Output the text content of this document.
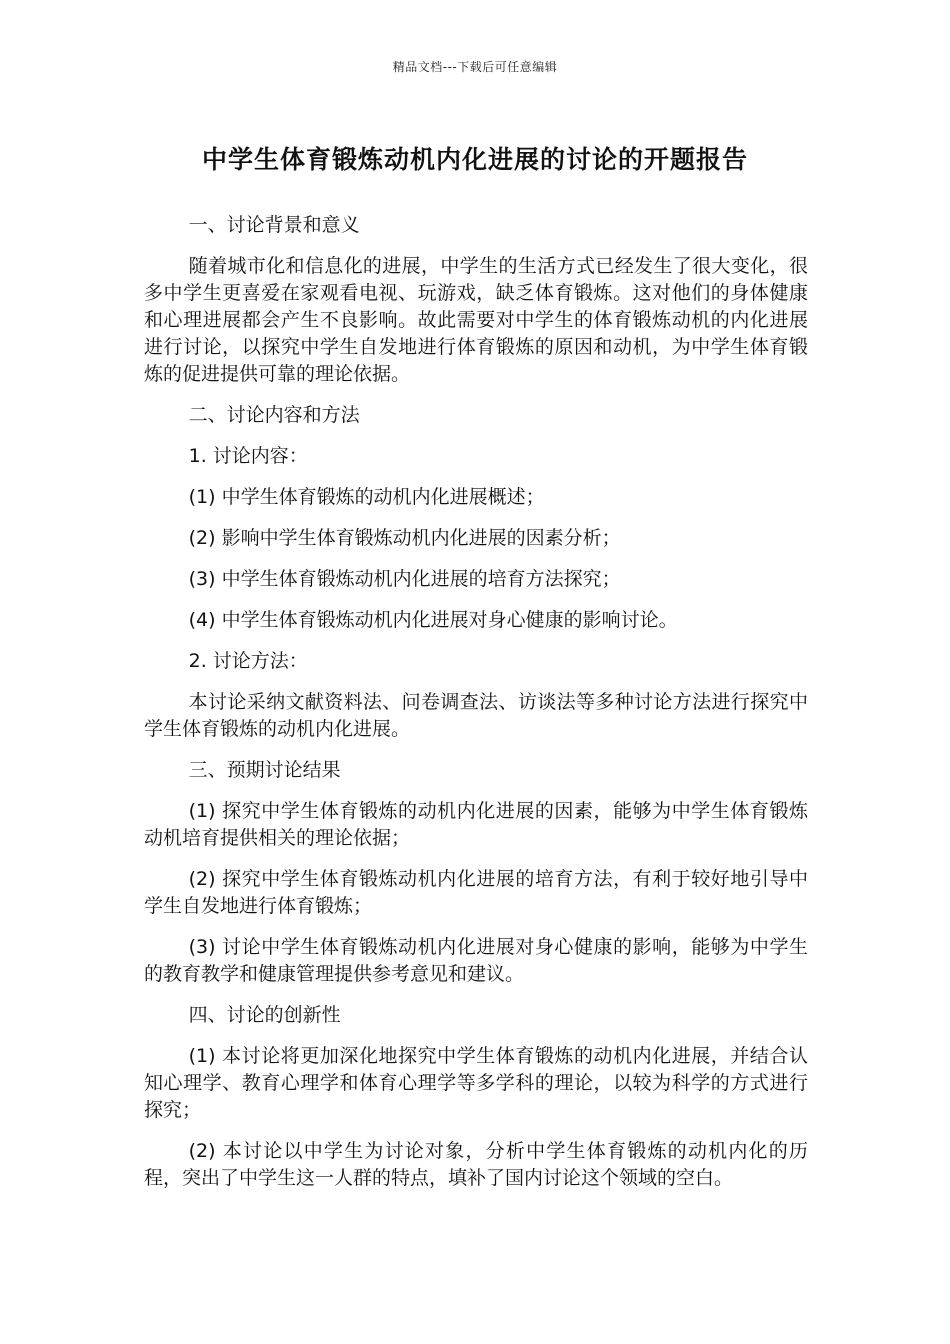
精品文档---下载后可任意编辑
中学生体育锻炼动机内化进展的讨论的开题报告

一、讨论背景和意义

随着城市化和信息化的进展，中学生的生活方式已经发生了很大变化，很多中学生更喜爱在家观看电视、玩游戏，缺乏体育锻炼。这对他们的身体健康和心理进展都会产生不良影响。故此需要对中学生的体育锻炼动机的内化进展进行讨论，以探究中学生自发地进行体育锻炼的原因和动机，为中学生体育锻炼的促进提供可靠的理论依据。

二、讨论内容和方法

1. 讨论内容：

(1) 中学生体育锻炼的动机内化进展概述；

(2) 影响中学生体育锻炼动机内化进展的因素分析；

(3) 中学生体育锻炼动机内化进展的培育方法探究；

(4) 中学生体育锻炼动机内化进展对身心健康的影响讨论。

2. 讨论方法：

本讨论采纳文献资料法、问卷调查法、访谈法等多种讨论方法进行探究中学生体育锻炼的动机内化进展。

三、预期讨论结果

(1) 探究中学生体育锻炼的动机内化进展的因素，能够为中学生体育锻炼动机培育提供相关的理论依据；

(2) 探究中学生体育锻炼动机内化进展的培育方法，有利于较好地引导中学生自发地进行体育锻炼；

(3) 讨论中学生体育锻炼动机内化进展对身心健康的影响，能够为中学生的教育教学和健康管理提供参考意见和建议。

四、讨论的创新性

(1) 本讨论将更加深化地探究中学生体育锻炼的动机内化进展，并结合认知心理学、教育心理学和体育心理学等多学科的理论，以较为科学的方式进行探究；

(2) 本讨论以中学生为讨论对象，分析中学生体育锻炼的动机内化的历程，突出了中学生这一人群的特点，填补了国内讨论这个领域的空白。
